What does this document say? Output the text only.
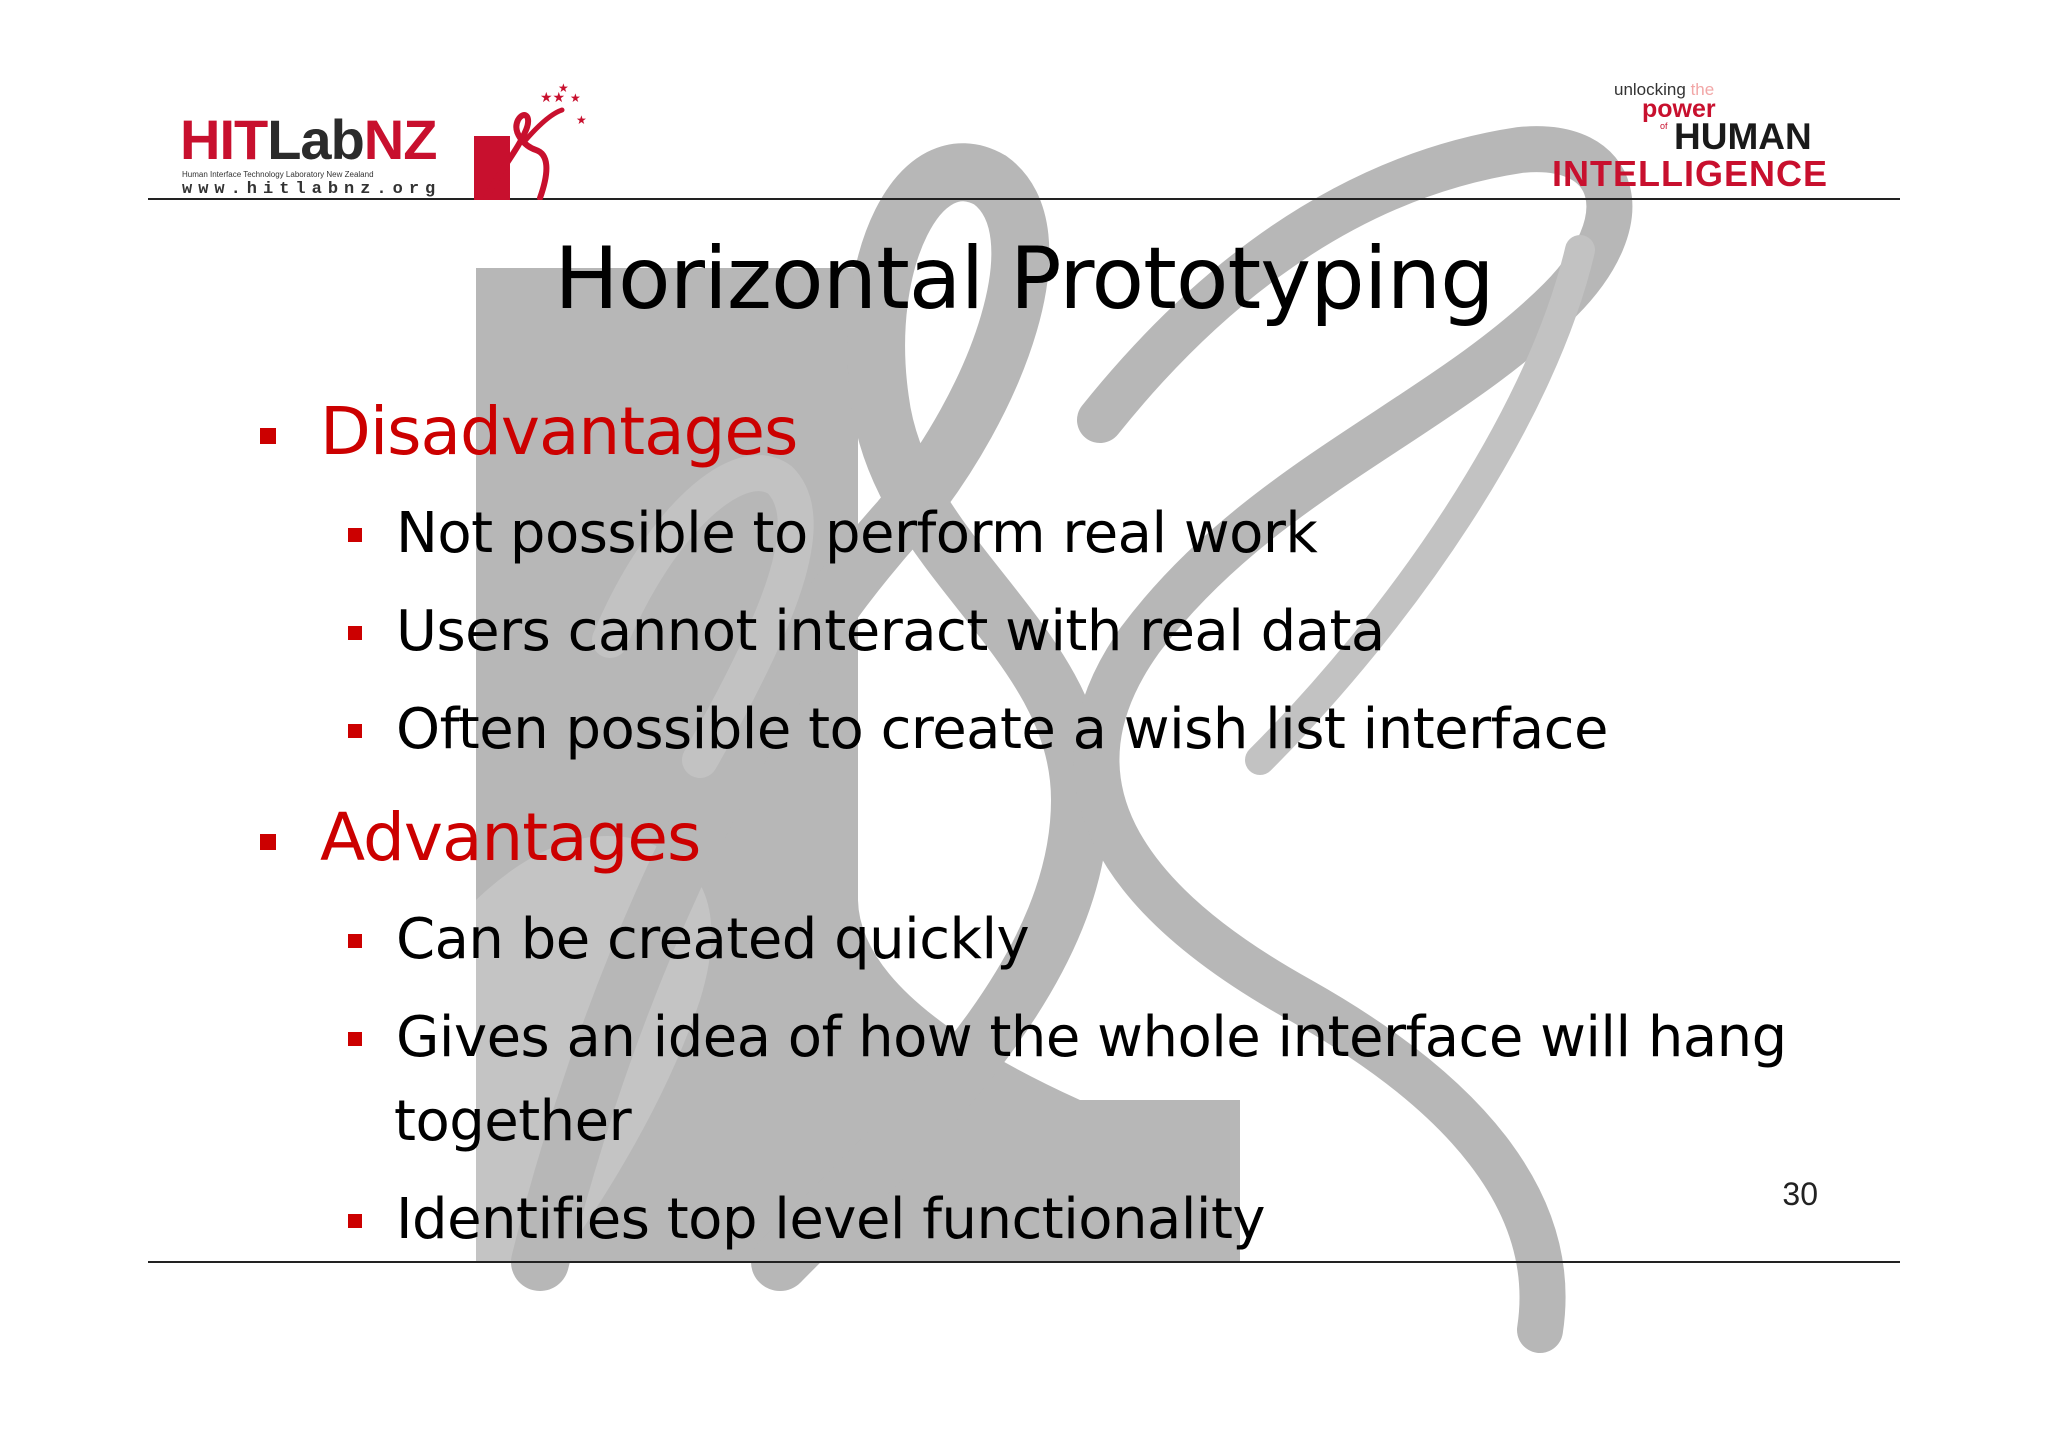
HITLabNZ
Human Interface Technology Laboratory New Zealand
www.hitlabnz.org
★★
★
★
★
unlocking the
power
of HUMAN
INTELLIGENCE
Horizontal Prototyping
Disadvantages
Not possible to perform real work
Users cannot interact with real data
Often possible to create a wish list interface
Advantages
Can be created quickly
Gives an idea of how the whole interface will hang
together
Identifies top level functionality	30
